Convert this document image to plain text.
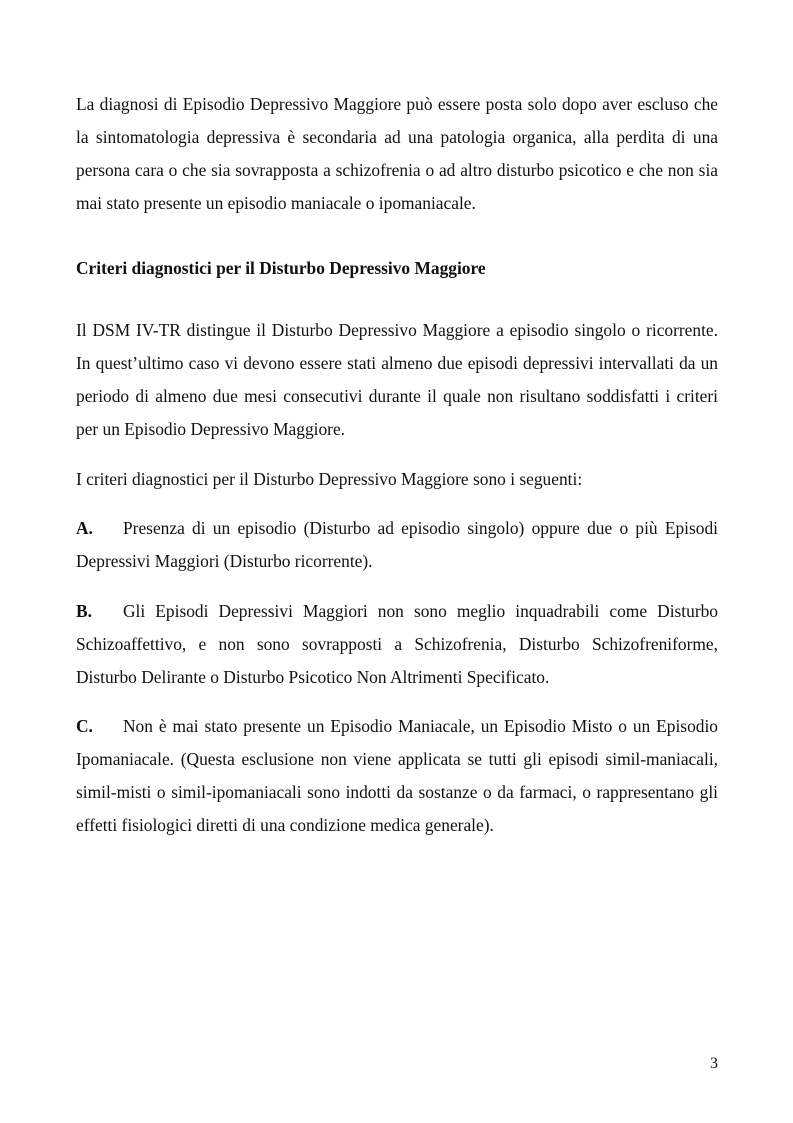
La diagnosi di Episodio Depressivo Maggiore può essere posta solo dopo aver escluso che la sintomatologia depressiva è secondaria ad una patologia organica, alla perdita di una persona cara o che sia sovrapposta a schizofrenia o ad altro disturbo psicotico e che non sia mai stato presente un episodio maniacale o ipomaniacale.

Criteri diagnostici per il Disturbo Depressivo Maggiore

Il DSM IV-TR distingue il Disturbo Depressivo Maggiore a episodio singolo o ricorrente. In quest’ultimo caso vi devono essere stati almeno due episodi depressivi intervallati da un periodo di almeno due mesi consecutivi durante il quale non risultano soddisfatti i criteri per un Episodio Depressivo Maggiore.

I criteri diagnostici per il Disturbo Depressivo Maggiore sono i seguenti:

A. Presenza di un episodio (Disturbo ad episodio singolo) oppure due o più Episodi Depressivi Maggiori (Disturbo ricorrente).

B. Gli Episodi Depressivi Maggiori non sono meglio inquadrabili come Disturbo Schizoaffettivo, e non sono sovrapposti a Schizofrenia, Disturbo Schizofreniforme, Disturbo Delirante o Disturbo Psicotico Non Altrimenti Specificato.

C. Non è mai stato presente un Episodio Maniacale, un Episodio Misto o un Episodio Ipomaniacale. (Questa esclusione non viene applicata se tutti gli episodi simil-maniacali, simil-misti o simil-ipomaniacali sono indotti da sostanze o da farmaci, o rappresentano gli effetti fisiologici diretti di una condizione medica generale).

3
